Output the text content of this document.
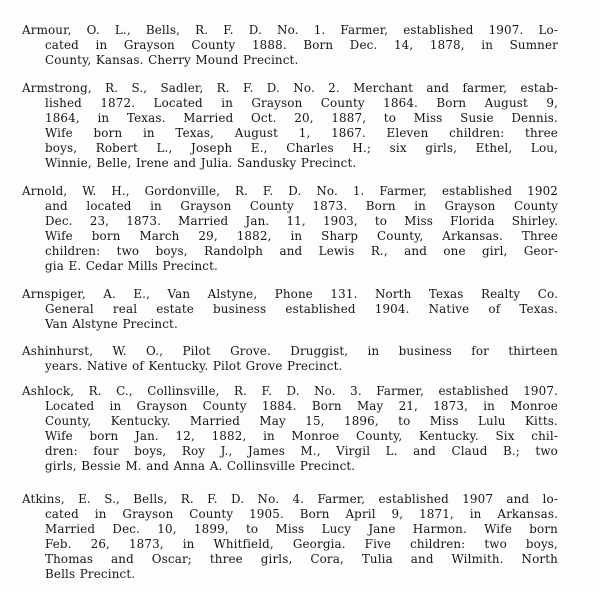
Armour, O. L., Bells, R. F. D. No. 1. Farmer, established 1907. Lo-
cated in Grayson County 1888. Born Dec. 14, 1878, in Sumner
County, Kansas. Cherry Mound Precinct.
Armstrong, R. S., Sadler, R. F. D. No. 2. Merchant and farmer, estab-
lished 1872. Located in Grayson County 1864. Born August 9,
1864, in Texas. Married Oct. 20, 1887, to Miss Susie Dennis.
Wife born in Texas, August 1, 1867. Eleven children: three
boys, Robert L., Joseph E., Charles H.; six girls, Ethel, Lou,
Winnie, Belle, Irene and Julia. Sandusky Precinct.
Arnold, W. H., Gordonville, R. F. D. No. 1. Farmer, established 1902
and located in Grayson County 1873. Born in Grayson County
Dec. 23, 1873. Married Jan. 11, 1903, to Miss Florida Shirley.
Wife born March 29, 1882, in Sharp County, Arkansas. Three
children: two boys, Randolph and Lewis R., and one girl, Geor-
gia E. Cedar Mills Precinct.
Arnspiger, A. E., Van Alstyne, Phone 131. North Texas Realty Co.
General real estate business established 1904. Native of Texas.
Van Alstyne Precinct.
Ashinhurst, W. O., Pilot Grove. Druggist, in business for thirteen
years. Native of Kentucky. Pilot Grove Precinct.
Ashlock, R. C., Collinsville, R. F. D. No. 3. Farmer, established 1907.
Located in Grayson County 1884. Born May 21, 1873, in Monroe
County, Kentucky. Married May 15, 1896, to Miss Lulu Kitts.
Wife born Jan. 12, 1882, in Monroe County, Kentucky. Six chil-
dren: four boys, Roy J., James M., Virgil L. and Claud B.; two
girls, Bessie M. and Anna A. Collinsville Precinct.
Atkins, E. S., Bells, R. F. D. No. 4. Farmer, established 1907 and lo-
cated in Grayson County 1905. Born April 9, 1871, in Arkansas.
Married Dec. 10, 1899, to Miss Lucy Jane Harmon. Wife born
Feb. 26, 1873, in Whitfield, Georgia. Five children: two boys,
Thomas and Oscar; three girls, Cora, Tulia and Wilmith. North
Bells Precinct.
